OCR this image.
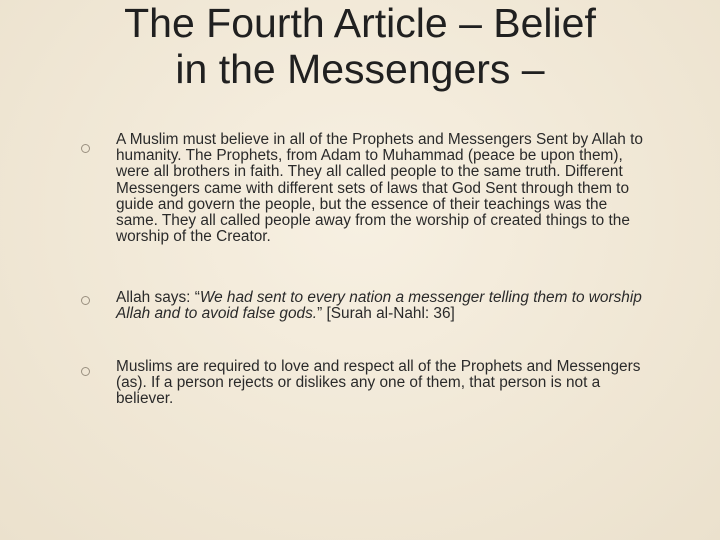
The Fourth Article – Belief in the Messengers –

A Muslim must believe in all of the Prophets and Messengers Sent by Allah to humanity. The Prophets, from Adam to Muhammad (peace be upon them), were all brothers in faith. They all called people to the same truth. Different Messengers came with different sets of laws that God Sent through them to guide and govern the people, but the essence of their teachings was the same. They all called people away from the worship of created things to the worship of the Creator.

Allah says: “We had sent to every nation a messenger telling them to worship Allah and to avoid false gods.” [Surah al-Nahl: 36]

Muslims are required to love and respect all of the Prophets and Messengers (as). If a person rejects or dislikes any one of them, that person is not a believer.
